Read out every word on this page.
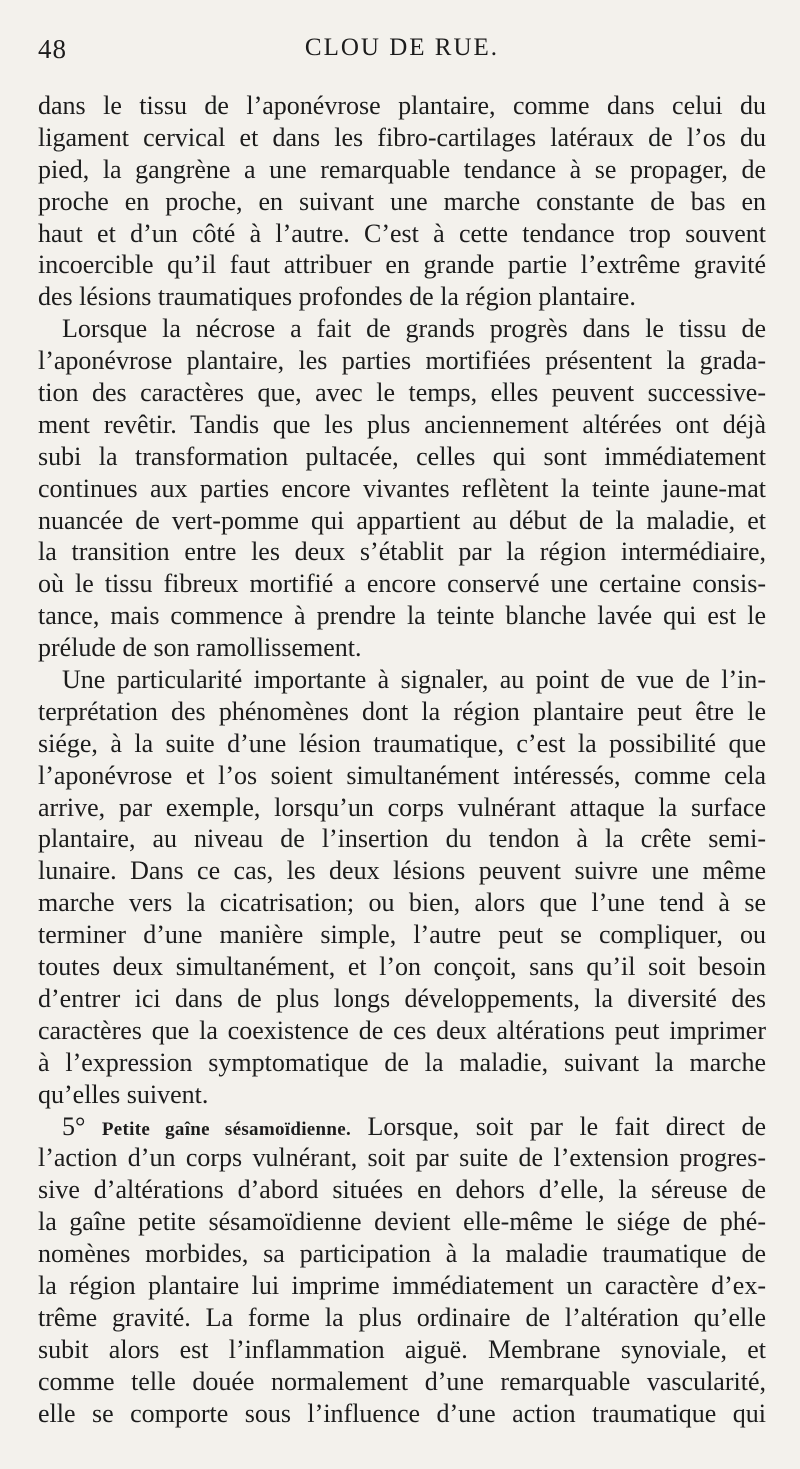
48	CLOU DE RUE.
dans le tissu de l’aponévrose plantaire, comme dans celui du
ligament cervical et dans les fibro-cartilages latéraux de l’os du
pied, la gangrène a une remarquable tendance à se propager, de
proche en proche, en suivant une marche constante de bas en
haut et d’un côté à l’autre. C’est à cette tendance trop souvent
incoercible qu’il faut attribuer en grande partie l’extrême gravité
des lésions traumatiques profondes de la région plantaire.
Lorsque la nécrose a fait de grands progrès dans le tissu de
l’aponévrose plantaire, les parties mortifiées présentent la grada-
tion des caractères que, avec le temps, elles peuvent successive-
ment revêtir. Tandis que les plus anciennement altérées ont déjà
subi la transformation pultacée, celles qui sont immédiatement
continues aux parties encore vivantes reflètent la teinte jaune-mat
nuancée de vert-pomme qui appartient au début de la maladie, et
la transition entre les deux s’établit par la région intermédiaire,
où le tissu fibreux mortifié a encore conservé une certaine consis-
tance, mais commence à prendre la teinte blanche lavée qui est le
prélude de son ramollissement.
Une particularité importante à signaler, au point de vue de l’in-
terprétation des phénomènes dont la région plantaire peut être le
siége, à la suite d’une lésion traumatique, c’est la possibilité que
l’aponévrose et l’os soient simultanément intéressés, comme cela
arrive, par exemple, lorsqu’un corps vulnérant attaque la surface
plantaire, au niveau de l’insertion du tendon à la crête semi-
lunaire. Dans ce cas, les deux lésions peuvent suivre une même
marche vers la cicatrisation; ou bien, alors que l’une tend à se
terminer d’une manière simple, l’autre peut se compliquer, ou
toutes deux simultanément, et l’on conçoit, sans qu’il soit besoin
d’entrer ici dans de plus longs développements, la diversité des
caractères que la coexistence de ces deux altérations peut imprimer
à l’expression symptomatique de la maladie, suivant la marche
qu’elles suivent.
5° Petite gaîne sésamoïdienne. Lorsque, soit par le fait direct de
l’action d’un corps vulnérant, soit par suite de l’extension progres-
sive d’altérations d’abord situées en dehors d’elle, la séreuse de
la gaîne petite sésamoïdienne devient elle-même le siége de phé-
nomènes morbides, sa participation à la maladie traumatique de
la région plantaire lui imprime immédiatement un caractère d’ex-
trême gravité. La forme la plus ordinaire de l’altération qu’elle
subit alors est l’inflammation aiguë. Membrane synoviale, et
comme telle douée normalement d’une remarquable vascularité,
elle se comporte sous l’influence d’une action traumatique qui
